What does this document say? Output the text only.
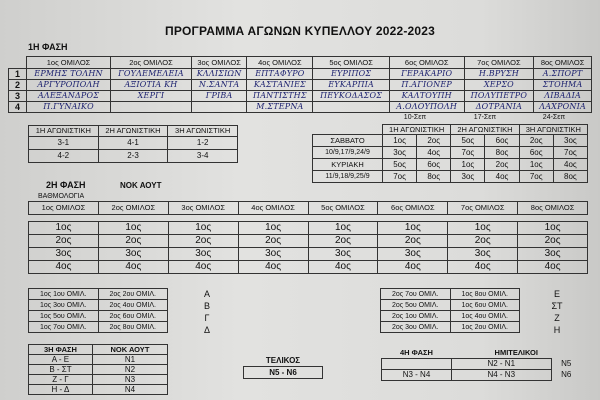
ΠΡΟΓΡΑΜΜΑ ΑΓΩΝΩΝ ΚΥΠΕΛΛΟΥ 2022-2023
1Η ΦΑΣΗ
	1ος ΟΜΙΛΟΣ	2ος ΟΜΙΛΟΣ	3ος ΟΜΙΛΟΣ	4ος ΟΜΙΛΟΣ	5ος ΟΜΙΛΟΣ	6ος ΟΜΙΛΟΣ	7ος ΟΜΙΛΟΣ	8ος ΟΜΙΛΟΣ
1	ΕΡΜΗΣ ΤΟΛΗΝ	ΓΟΥΛΕΜΕΛΕΙΑ	ΚΛΛΙΣΙΩΝ	ΕΠΤΑΦΥΡΟ	ΕΥΡΙΠΟΣ	ΓΕΡΑΚΑΡΙΟ	Η.ΒΡΥΣΗ	Α.ΣΠΟΡΤ
2	ΑΡΓΥΡΟΠΟΛΗ	ΑΞΙΟΤΙΑ ΚΗ	Ν.ΣΑΝΤΑ	ΚΑΣΤΑΝΙΕΣ	ΕΥΚΑΡΠΙΑ	Π.ΑΓΙΟΝΕΡ	ΧΕΡΣΟ	ΣΤΟΗΜΑ
3	ΑΛΕΞΑΝΔΡΟΣ	ΧΕΡΓΙ	ΓΡΙΒΑ	ΠΑΝΤΙΣΤΗΣ	ΠΕΥΚΟΔΑΣΟΣ	ΚΑΛΤΟΥΠΗ	ΠΟΛΥΠΕΤΡΟ	ΛΙΒΑΔΙΑ
4	Π.ΓΥΝΑΙΚΟ			Μ.ΣΤΕΡΝΑ		Α.ΟΛΟΥΠΟΛΗ	ΔΟΤΡΑΝΙΑ	ΛΑΧΡΟΝΙΑ
1Η ΑΓΩΝΙΣΤΙΚΗ	2Η ΑΓΩΝΙΣΤΙΚΗ	3Η ΑΓΩΝΙΣΤΙΚΗ
3-1	4-1	1-2
4-2	2-3	3-4
10-Σεπ	17-Σεπ	24-Σεπ
	1Η ΑΓΩΝΙΣΤΙΚΗ		2Η ΑΓΩΝΙΣΤΙΚΗ		3Η ΑΓΩΝΙΣΤΙΚΗ	
ΣΑΒΒΑΤΟ	1ος	2ος	5ος	6ος	2ος	3ος
10/9,17/9,24/9	3ος	4ος	7ος	8ος	6ος	7ος
ΚΥΡΙΑΚΗ	5ος	6ος	1ος	2ος	1ος	4ος
11/9,18/9,25/9	7ος	8ος	3ος	4ος	7ος	8ος
2Η ΦΑΣΗ	ΝΟΚ ΑΟΥΤ
ΒΑΘΜΟΛΟΓΙΑ
1ος ΟΜΙΛΟΣ	2ος ΟΜΙΛΟΣ	3ος ΟΜΙΛΟΣ	4ος ΟΜΙΛΟΣ	5ος ΟΜΙΛΟΣ	6ος ΟΜΙΛΟΣ	7ος ΟΜΙΛΟΣ	8ος ΟΜΙΛΟΣ
1ος	1ος	1ος	1ος	1ος	1ος	1ος	1ος
2ος	2ος	2ος	2ος	2ος	2ος	2ος	2ος
3ος	3ος	3ος	3ος	3ος	3ος	3ος	3ος
4ος	4ος	4ος	4ος	4ος	4ος	4ος	4ος
1ος 1ου ΟΜΙΛ.	2ος 2ου ΟΜΙΛ.
1ος 3ου ΟΜΙΛ.	2ος 4ου ΟΜΙΛ.
1ος 5ου ΟΜΙΛ.	2ος 6ου ΟΜΙΛ.
1ος 7ου ΟΜΙΛ.	2ος 8ου ΟΜΙΛ.
Α
Β
Γ
Δ
2ος 7ου ΟΜΙΛ.	1ος 8ου ΟΜΙΛ.
2ος 5ου ΟΜΙΛ.	1ος 6ου ΟΜΙΛ.
2ος 1ου ΟΜΙΛ.	1ος 4ου ΟΜΙΛ.
2ος 3ου ΟΜΙΛ.	1ος 2ου ΟΜΙΛ.
Ε
ΣΤ
Ζ
Η
3Η ΦΑΣΗ	ΝΟΚ ΑΟΥΤ
Α - Ε	Ν1
Β - ΣΤ	Ν2
Ζ - Γ	Ν3
Η - Δ	Ν4
ΤΕΛΙΚΟΣ
Ν5 - Ν6
4Η ΦΑΣΗ	ΗΜΙΤΕΛΙΚΟΙ	
	Ν2 - Ν1	Ν5
Ν3 - Ν4	Ν4 - Ν3	Ν6
